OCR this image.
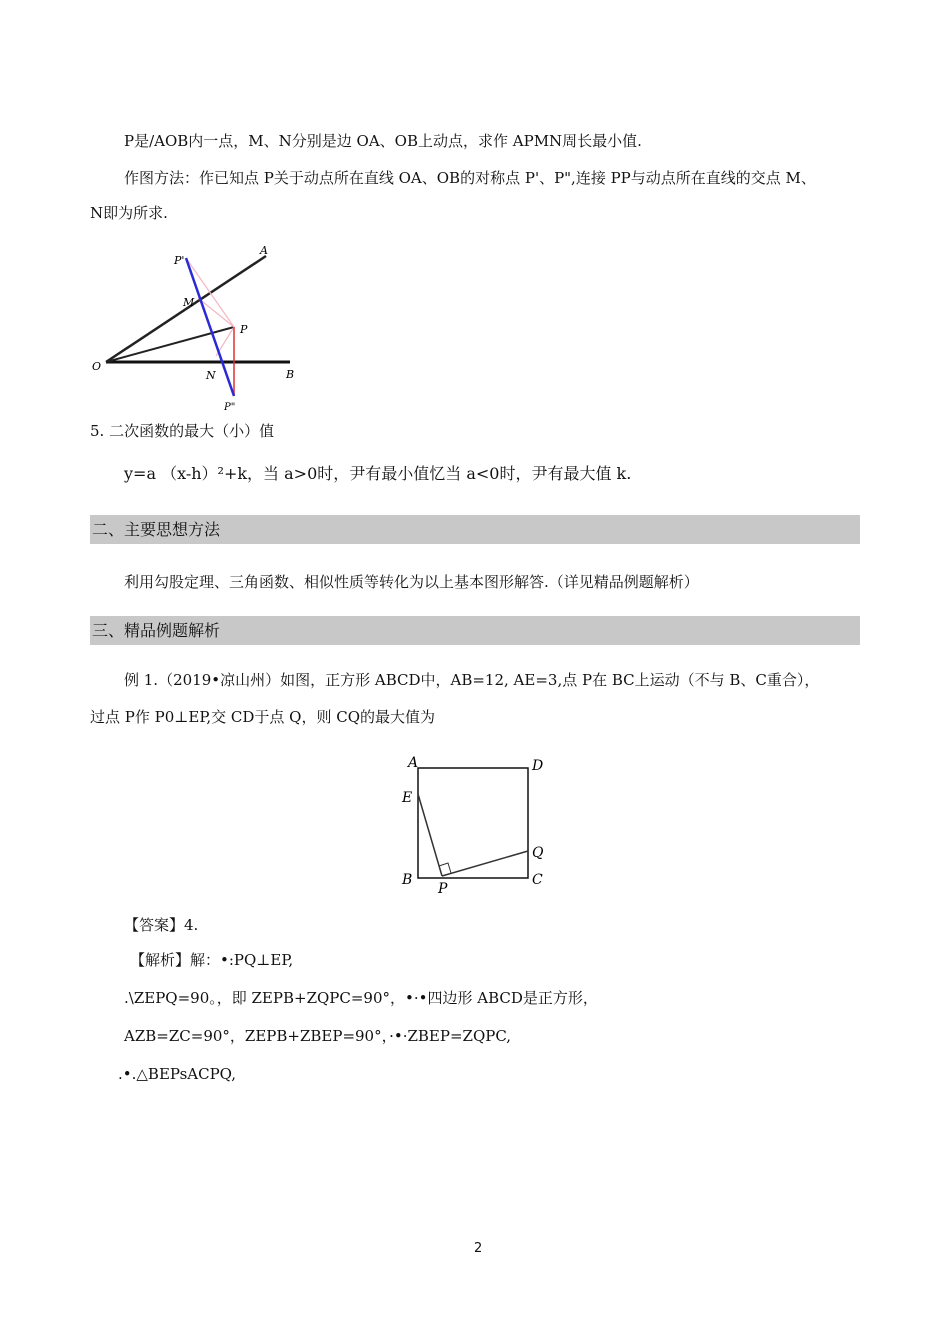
P是/AOB内一点，M、N分别是边 OA、OB上动点，求作 APMN周长最小值.
作图方法：作已知点 P关于动点所在直线 OA、OB的对称点 P'、P",连接 PP与动点所在直线的交点 M、
N即为所求.
P'
A
M
P
O
N	B
P"
5. 二次函数的最大（小）值
y=a （x-h）²+k，当 a>0时，尹有最小值忆当 a<0时，尹有最大值 k.
二、主要思想方法
利用勾股定理、三角函数、相似性质等转化为以上基本图形解答.（详见精品例题解析）
三、精品例题解析
例 1.（2019•凉山州）如图，正方形 ABCD中，AB=12, AE=3,点 P在 BC上运动（不与 B、C重合），
过点 P作 P0⊥EP,交 CD于点 Q，则 CQ的最大值为
A	D
E
Q
B
P
C
【答案】4.
【解析】解：•:PQ⊥EP,
.\ZEPQ=90。，即 ZEPB+ZQPC=90°，•·•四边形 ABCD是正方形，
AZB=ZC=90°，ZEPB+ZBEP=90°，·•·ZBEP=ZQPC,
.•.△BEPsACPQ,
2
